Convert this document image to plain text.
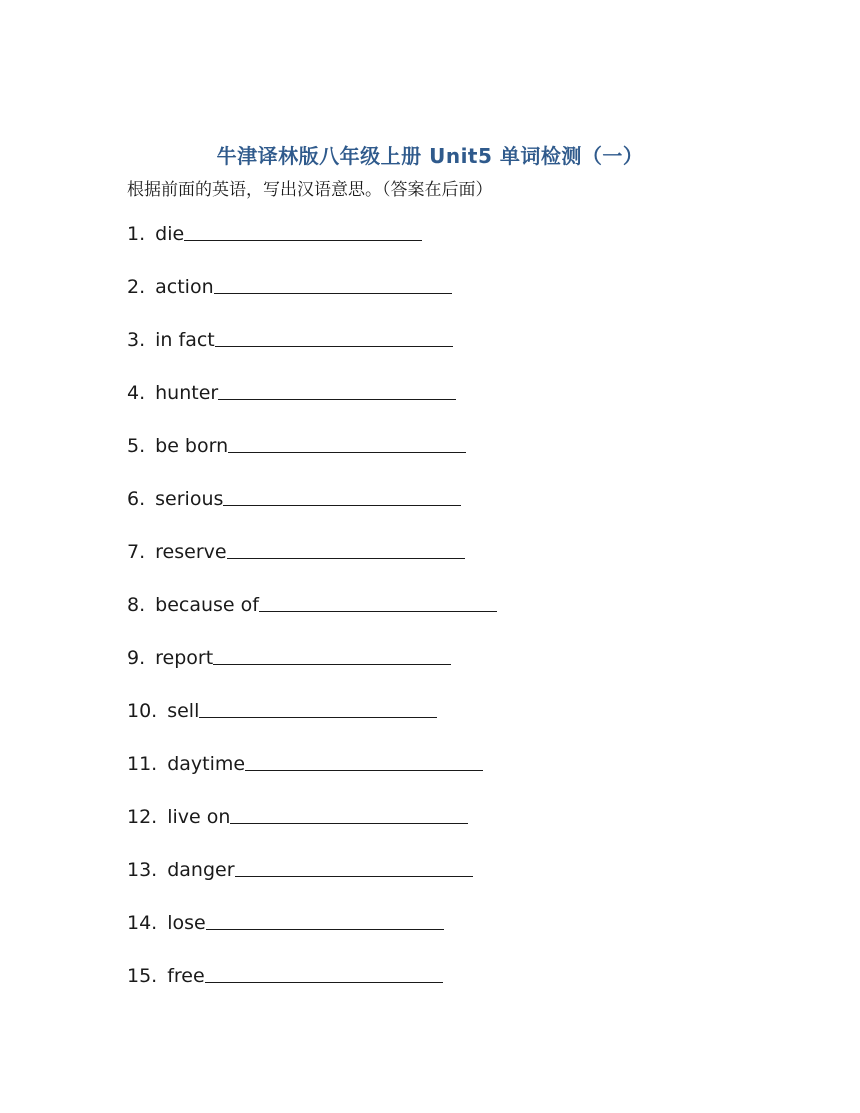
牛津译林版八年级上册 Unit5 单词检测（一）
根据前面的英语，写出汉语意思。（答案在后面）
1. die
2. action
3. in fact
4. hunter
5. be born
6. serious
7. reserve
8. because of
9. report
10. sell
11. daytime
12. live on
13. danger
14. lose
15. free
